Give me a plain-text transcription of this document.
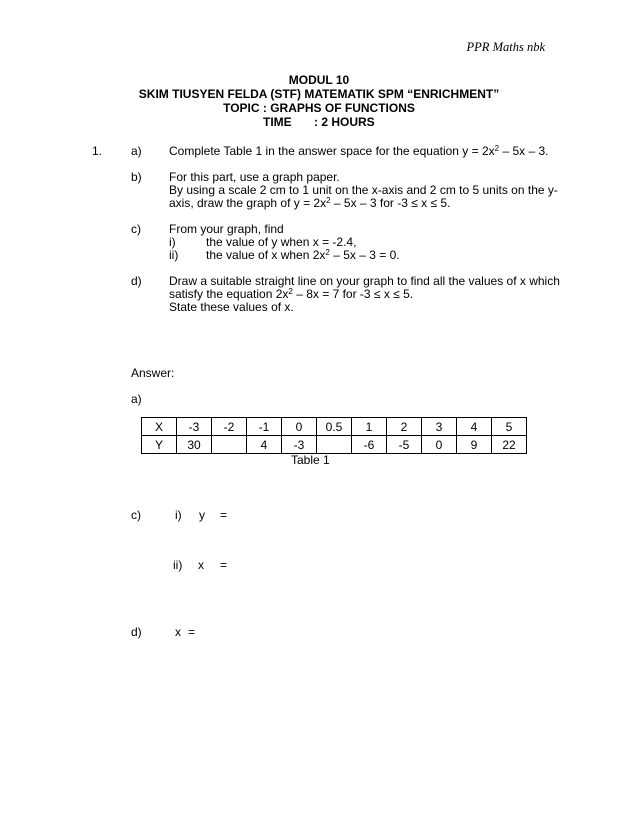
PPR Maths nbk
MODUL 10
SKIM TIUSYEN FELDA (STF) MATEMATIK SPM “ENRICHMENT”
TOPIC : GRAPHS OF FUNCTIONS
TIME : 2 HOURS
1. a) Complete Table 1 in the answer space for the equation $y = 2x^2 - 5x - 3$.
b) For this part, use a graph paper.
By using a scale 2 cm to 1 unit on the x-axis and 2 cm to 5 units on the y-
axis, draw the graph of $y = 2x^2 - 5x - 3$ for -3 ≤ x ≤ 5.
c) From your graph, find
i)	the value of y when x = -2.4,
ii) the value of x when $2x^2 - 5x - 3 = 0$.
d) Draw a suitable straight line on your graph to find all the values of x which
satisfy the equation $2x^2 - 8x = 7$ for -3 ≤ x ≤ 5.
State these values of x.
Answer:
a)
X	-3	-2	-1	0	0.5	1	2	3	4	5
Y	30		4	-3		-6	-5	0	9	22
Table 1
c)	i) y =
ii) x =
d)	x =
